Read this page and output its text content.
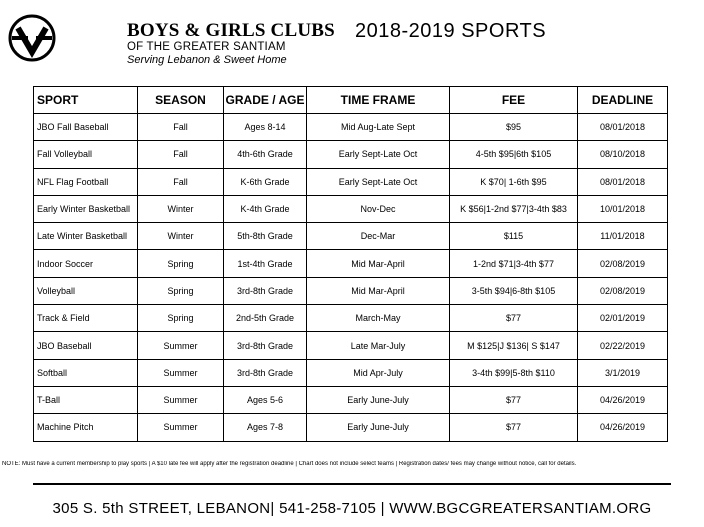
BOYS & GIRLS CLUBS
OF THE GREATER SANTIAM
Serving Lebanon & Sweet Home
2018-2019 SPORTS
SPORT	SEASON	GRADE / AGE	TIME FRAME	FEE	DEADLINE
JBO Fall Baseball	Fall	Ages 8-14	Mid Aug-Late Sept	$95	08/01/2018
Fall Volleyball	Fall	4th-6th Grade	Early Sept-Late Oct	4-5th $95|6th $105	08/10/2018
NFL Flag Football	Fall	K-6th Grade	Early Sept-Late Oct	K $70| 1-6th $95	08/01/2018
Early Winter Basketball	Winter	K-4th Grade	Nov-Dec	K $56|1-2nd $77|3-4th $83	10/01/2018
Late Winter Basketball	Winter	5th-8th Grade	Dec-Mar	$115	11/01/2018
Indoor Soccer	Spring	1st-4th Grade	Mid Mar-April	1-2nd $71|3-4th $77	02/08/2019
Volleyball	Spring	3rd-8th Grade	Mid Mar-April	3-5th $94|6-8th $105	02/08/2019
Track & Field	Spring	2nd-5th Grade	March-May	$77	02/01/2019
JBO Baseball	Summer	3rd-8th Grade	Late Mar-July	M $125|J $136| S $147	02/22/2019
Softball	Summer	3rd-8th Grade	Mid Apr-July	3-4th $99|5-8th $110	3/1/2019
T-Ball	Summer	Ages 5-6	Early June-July	$77	04/26/2019
Machine Pitch	Summer	Ages 7-8	Early June-July	$77	04/26/2019
NOTE: Must have a current membership to play sports | A $10 late fee will apply after the registration deadline | Chart does not include select teams | Registration dates/ fees may change without notice, call for details.
305 S. 5th STREET, LEBANON| 541-258-7105 | WWW.BGCGREATERSANTIAM.ORG
